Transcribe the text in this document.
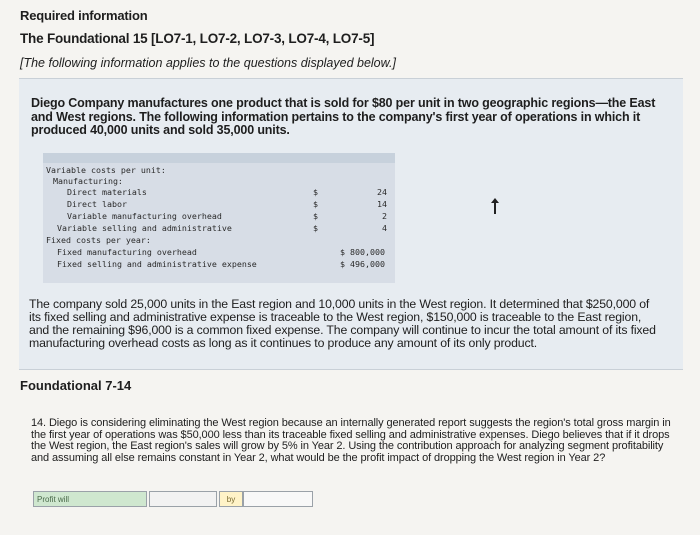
Required information
The Foundational 15 [LO7-1, LO7-2, LO7-3, LO7-4, LO7-5]
[The following information applies to the questions displayed below.]
Diego Company manufactures one product that is sold for $80 per unit in two geographic regions—the East and West regions. The following information pertains to the company's first year of operations in which it produced 40,000 units and sold 35,000 units.
Variable costs per unit:
Manufacturing:
Direct materials	$	24
Direct labor	$	14
Variable manufacturing overhead	$	2
Variable selling and administrative	$	4
Fixed costs per year:
Fixed manufacturing overhead	$ 800,000
Fixed selling and administrative expense	$ 496,000
The company sold 25,000 units in the East region and 10,000 units in the West region. It determined that $250,000 of its fixed selling and administrative expense is traceable to the West region, $150,000 is traceable to the East region, and the remaining $96,000 is a common fixed expense. The company will continue to incur the total amount of its fixed manufacturing overhead costs as long as it continues to produce any amount of its only product.
Foundational 7-14
14. Diego is considering eliminating the West region because an internally generated report suggests the region's total gross margin in the first year of operations was $50,000 less than its traceable fixed selling and administrative expenses. Diego believes that if it drops the West region, the East region's sales will grow by 5% in Year 2. Using the contribution approach for analyzing segment profitability and assuming all else remains constant in Year 2, what would be the profit impact of dropping the West region in Year 2?
Profit will	by
